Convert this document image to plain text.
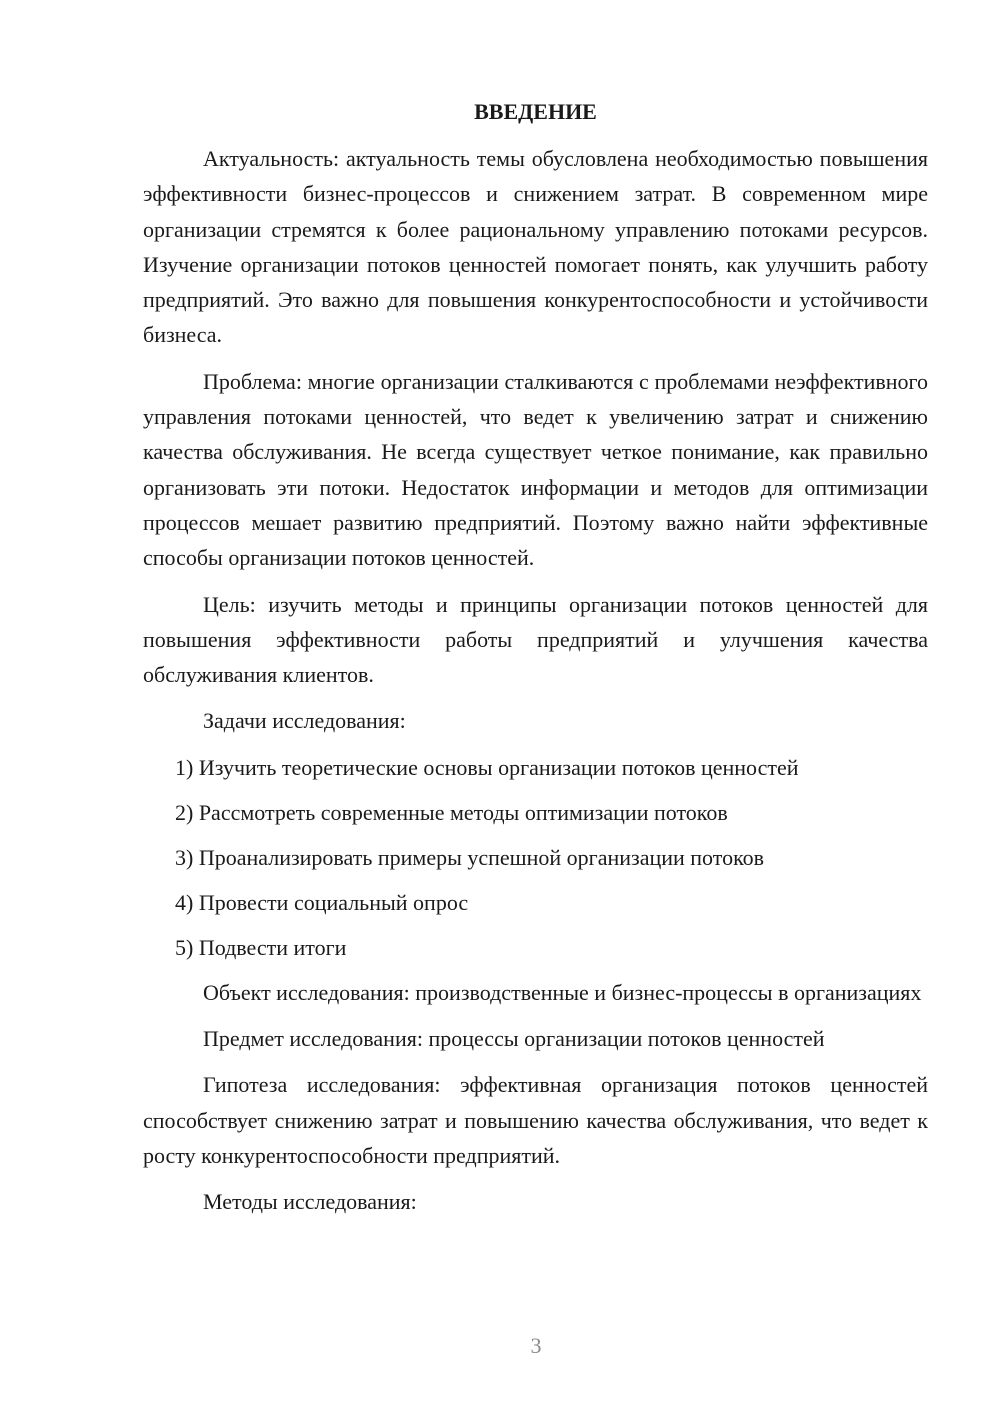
ВВЕДЕНИЕ

Актуальность: актуальность темы обусловлена необходимостью повышения эффективности бизнес-процессов и снижением затрат. В современном мире организации стремятся к более рациональному управлению потоками ресурсов. Изучение организации потоков ценностей помогает понять, как улучшить работу предприятий. Это важно для повышения конкурентоспособности и устойчивости бизнеса.

Проблема: многие организации сталкиваются с проблемами неэффективного управления потоками ценностей, что ведет к увеличению затрат и снижению качества обслуживания. Не всегда существует четкое понимание, как правильно организовать эти потоки. Недостаток информации и методов для оптимизации процессов мешает развитию предприятий. Поэтому важно найти эффективные способы организации потоков ценностей.

Цель: изучить методы и принципы организации потоков ценностей для повышения эффективности работы предприятий и улучшения качества обслуживания клиентов.

Задачи исследования:

1) Изучить теоретические основы организации потоков ценностей

2) Рассмотреть современные методы оптимизации потоков

3) Проанализировать примеры успешной организации потоков

4) Провести социальный опрос

5) Подвести итоги

Объект исследования: производственные и бизнес-процессы в организациях

Предмет исследования: процессы организации потоков ценностей

Гипотеза исследования: эффективная организация потоков ценностей способствует снижению затрат и повышению качества обслуживания, что ведет к росту конкурентоспособности предприятий.

Методы исследования:

3
